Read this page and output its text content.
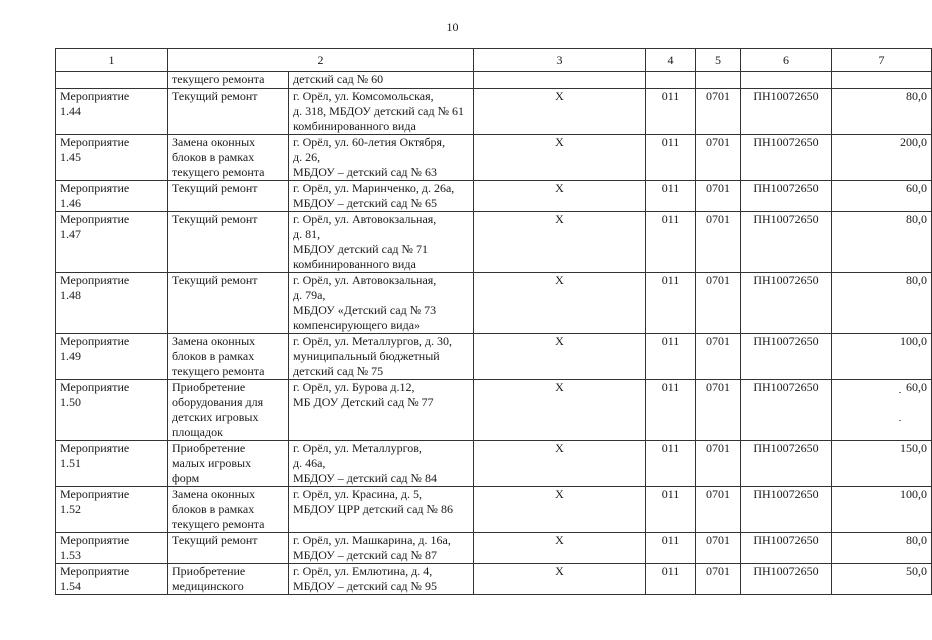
10
1	2		3	4	5	6	7
	текущего ремонта	детский сад № 60					

Мероприятие
1.44	Текущий ремонт	г. Орёл, ул. Комсомольская,
д. 318, МБДОУ детский сад № 61
комбинированного вида	Х	011	0701	ПН10072650	80,0

Мероприятие
1.45	Замена оконных
блоков в рамках
текущего ремонта	г. Орёл, ул. 60-летия Октября,
д. 26,
МБДОУ – детский сад № 63	Х	011	0701	ПН10072650	200,0

Мероприятие
1.46	Текущий ремонт	г. Орёл, ул. Маринченко, д. 26а,
МБДОУ – детский сад № 65	Х	011	0701	ПН10072650	60,0

Мероприятие
1.47	Текущий ремонт	г. Орёл, ул. Автовокзальная,
д. 81,
МБДОУ детский сад № 71
комбинированного вида	Х	011	0701	ПН10072650	80,0

Мероприятие
1.48	Текущий ремонт	г. Орёл, ул. Автовокзальная,
д. 79а,
МБДОУ «Детский сад № 73
компенсирующего вида»	Х	011	0701	ПН10072650	80,0

Мероприятие
1.49	Замена оконных
блоков в рамках
текущего ремонта	г. Орёл, ул. Металлургов, д. 30,
муниципальный бюджетный
детский сад № 75	Х	011	0701	ПН10072650	100,0

Мероприятие
1.50	Приобретение
оборудования для
детских игровых
площадок	г. Орёл, ул. Бурова д.12,
МБ ДОУ Детский сад № 77	Х	011	0701	ПН10072650	60,0

Мероприятие
1.51	Приобретение
малых игровых
форм	г. Орёл, ул. Металлургов,
д. 46а,
МБДОУ – детский сад № 84	Х	011	0701	ПН10072650	150,0

Мероприятие
1.52	Замена оконных
блоков в рамках
текущего ремонта	г. Орёл, ул. Красина, д. 5,
МБДОУ ЦРР детский сад № 86	Х	011	0701	ПН10072650	100,0

Мероприятие
1.53	Текущий ремонт	г. Орёл, ул. Машкарина, д. 16а,
МБДОУ – детский сад № 87	Х	011	0701	ПН10072650	80,0

Мероприятие
1.54	Приобретение
медицинского	г. Орёл, ул. Емлютина, д. 4,
МБДОУ – детский сад № 95	Х	011	0701	ПН10072650	50,0
